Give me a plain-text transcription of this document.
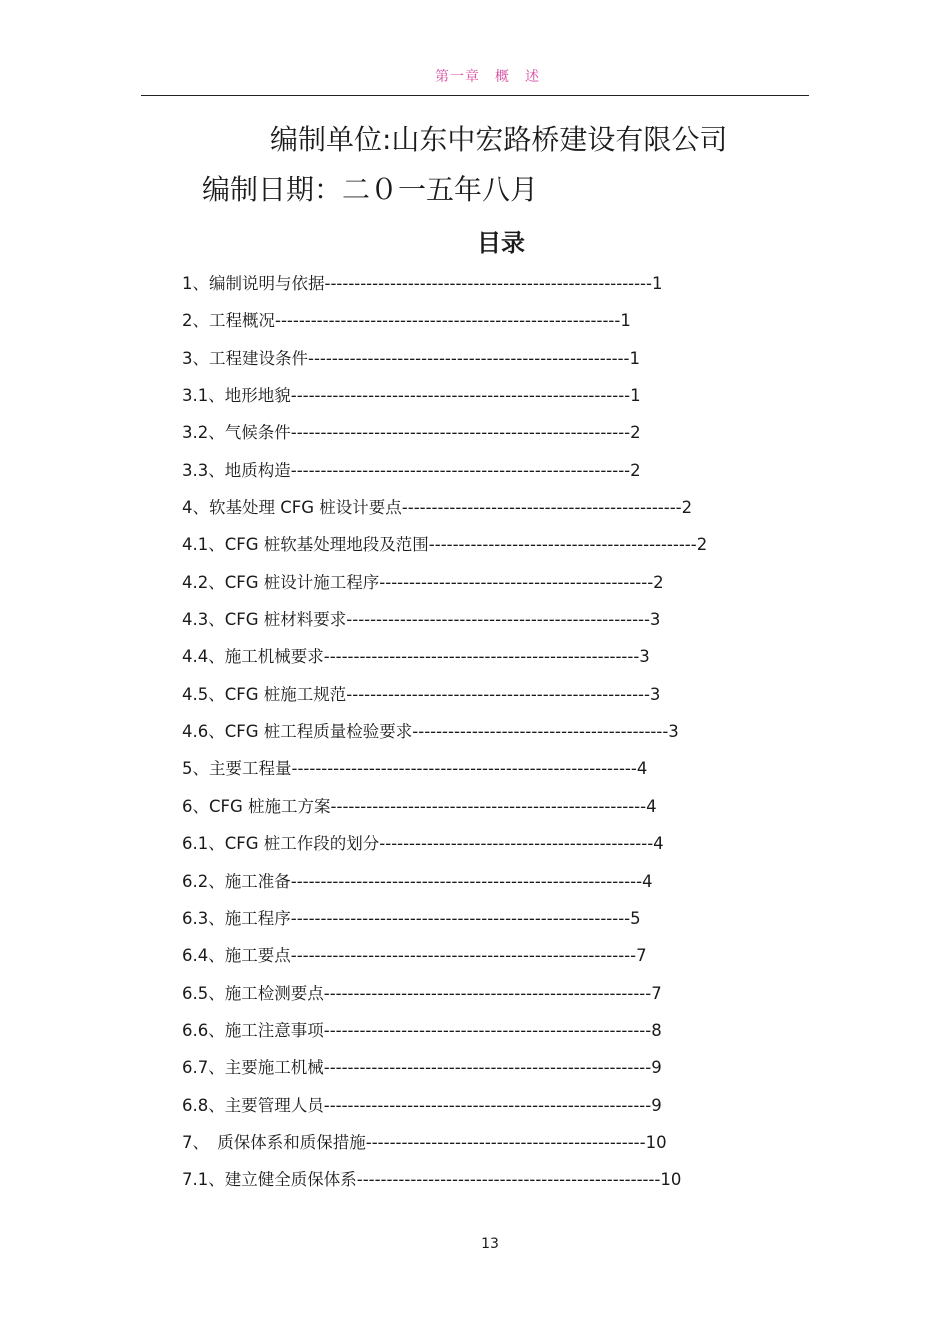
第一章　概　述
编制单位:山东中宏路桥建设有限公司
编制日期：二０一五年八月
目录
1、编制说明与依据-------------------------------------------------------1
2、工程概况----------------------------------------------------------1
3、工程建设条件------------------------------------------------------1
3.1、地形地貌---------------------------------------------------------1
3.2、气候条件---------------------------------------------------------2
3.3、地质构造---------------------------------------------------------2
4、软基处理 CFG 桩设计要点-----------------------------------------------2
4.1、CFG 桩软基处理地段及范围---------------------------------------------2
4.2、CFG 桩设计施工程序----------------------------------------------2
4.3、CFG 桩材料要求---------------------------------------------------3
4.4、施工机械要求-----------------------------------------------------3
4.5、CFG 桩施工规范---------------------------------------------------3
4.6、CFG 桩工程质量检验要求-------------------------------------------3
5、主要工程量----------------------------------------------------------4
6、CFG 桩施工方案-----------------------------------------------------4
6.1、CFG 桩工作段的划分----------------------------------------------4
6.2、施工准备-----------------------------------------------------------4
6.3、施工程序---------------------------------------------------------5
6.4、施工要点----------------------------------------------------------7
6.5、施工检测要点-------------------------------------------------------7
6.6、施工注意事项-------------------------------------------------------8
6.7、主要施工机械-------------------------------------------------------9
6.8、主要管理人员-------------------------------------------------------9
7、　质保体系和质保措施-----------------------------------------------10
7.1、建立健全质保体系---------------------------------------------------10
13
